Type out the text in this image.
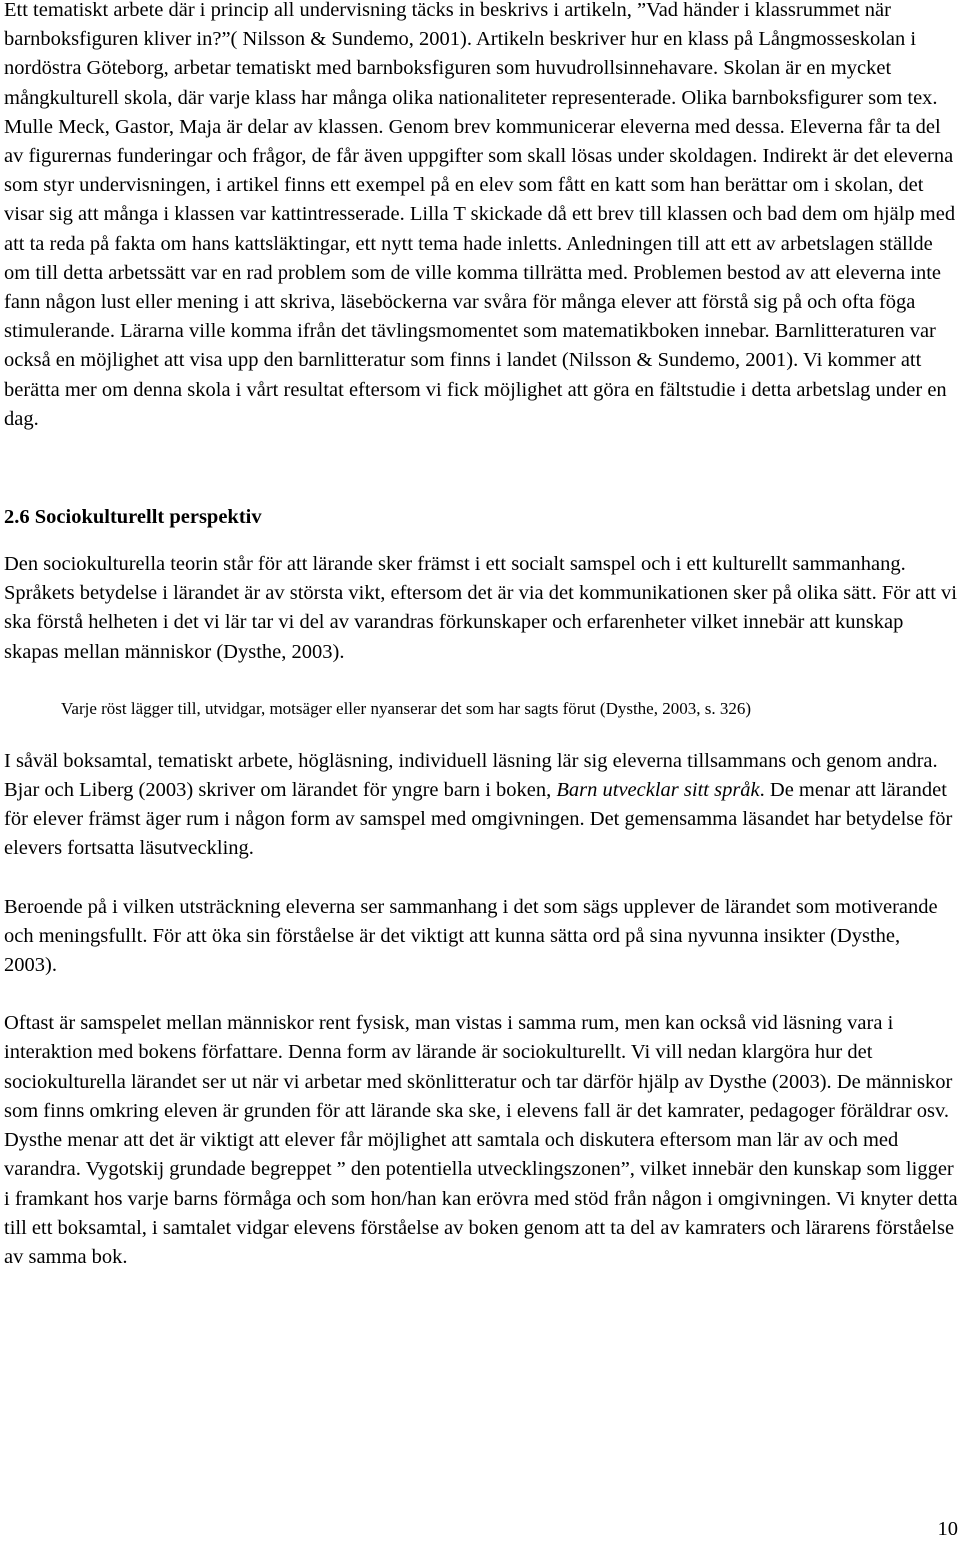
Ett tematiskt arbete där i princip all undervisning täcks in beskrivs i artikeln, ”Vad händer i klassrummet när barnboksfiguren kliver in?”( Nilsson & Sundemo, 2001). Artikeln beskriver hur en klass på Långmosseskolan i nordöstra Göteborg, arbetar tematiskt med barnboksfiguren som huvudrollsinnehavare. Skolan är en mycket mångkulturell skola, där varje klass har många olika nationaliteter representerade. Olika barnboksfigurer som tex. Mulle Meck, Gastor, Maja är delar av klassen. Genom brev kommunicerar eleverna med dessa. Eleverna får ta del av figurernas funderingar och frågor, de får även uppgifter som skall lösas under skoldagen. Indirekt är det eleverna som styr undervisningen, i artikel finns ett exempel på en elev som fått en katt som han berättar om i skolan, det visar sig att många i klassen var kattintresserade. Lilla T skickade då ett brev till klassen och bad dem om hjälp med att ta reda på fakta om hans kattsläktingar, ett nytt tema hade inletts. Anledningen till att ett av arbetslagen ställde om till detta arbetssätt var en rad problem som de ville komma tillrätta med. Problemen bestod av att eleverna inte fann någon lust eller mening i att skriva, läseböckerna var svåra för många elever att förstå sig på och ofta föga stimulerande. Lärarna ville komma ifrån det tävlingsmomentet som matematikboken innebar. Barnlitteraturen var också en möjlighet att visa upp den barnlitteratur som finns i landet (Nilsson & Sundemo, 2001). Vi kommer att berätta mer om denna skola i vårt resultat eftersom vi fick möjlighet att göra en fältstudie i detta arbetslag under en dag.

2.6 Sociokulturellt perspektiv

Den sociokulturella teorin står för att lärande sker främst i ett socialt samspel och i ett kulturellt sammanhang. Språkets betydelse i lärandet är av största vikt, eftersom det är via det kommunikationen sker på olika sätt. För att vi ska förstå helheten i det vi lär tar vi del av varandras förkunskaper och erfarenheter vilket innebär att kunskap skapas mellan människor (Dysthe, 2003).

Varje röst lägger till, utvidgar, motsäger eller nyanserar det som har sagts förut (Dysthe, 2003, s. 326)

I såväl boksamtal, tematiskt arbete, högläsning, individuell läsning lär sig eleverna tillsammans och genom andra. Bjar och Liberg (2003) skriver om lärandet för yngre barn i boken, Barn utvecklar sitt språk. De menar att lärandet för elever främst äger rum i någon form av samspel med omgivningen. Det gemensamma läsandet har betydelse för elevers fortsatta läsutveckling.

Beroende på i vilken utsträckning eleverna ser sammanhang i det som sägs upplever de lärandet som motiverande och meningsfullt. För att öka sin förståelse är det viktigt att kunna sätta ord på sina nyvunna insikter (Dysthe, 2003).

Oftast är samspelet mellan människor rent fysisk, man vistas i samma rum, men kan också vid läsning vara i interaktion med bokens författare. Denna form av lärande är sociokulturellt. Vi vill nedan klargöra hur det sociokulturella lärandet ser ut när vi arbetar med skönlitteratur och tar därför hjälp av Dysthe (2003). De människor som finns omkring eleven är grunden för att lärande ska ske, i elevens fall är det kamrater, pedagoger föräldrar osv. Dysthe menar att det är viktigt att elever får möjlighet att samtala och diskutera eftersom man lär av och med varandra. Vygotskij grundade begreppet ” den potentiella utvecklingszonen”, vilket innebär den kunskap som ligger i framkant hos varje barns förmåga och som hon/han kan erövra med stöd från någon i omgivningen. Vi knyter detta till ett boksamtal, i samtalet vidgar elevens förståelse av boken genom att ta del av kamraters och lärarens förståelse av samma bok.

10
